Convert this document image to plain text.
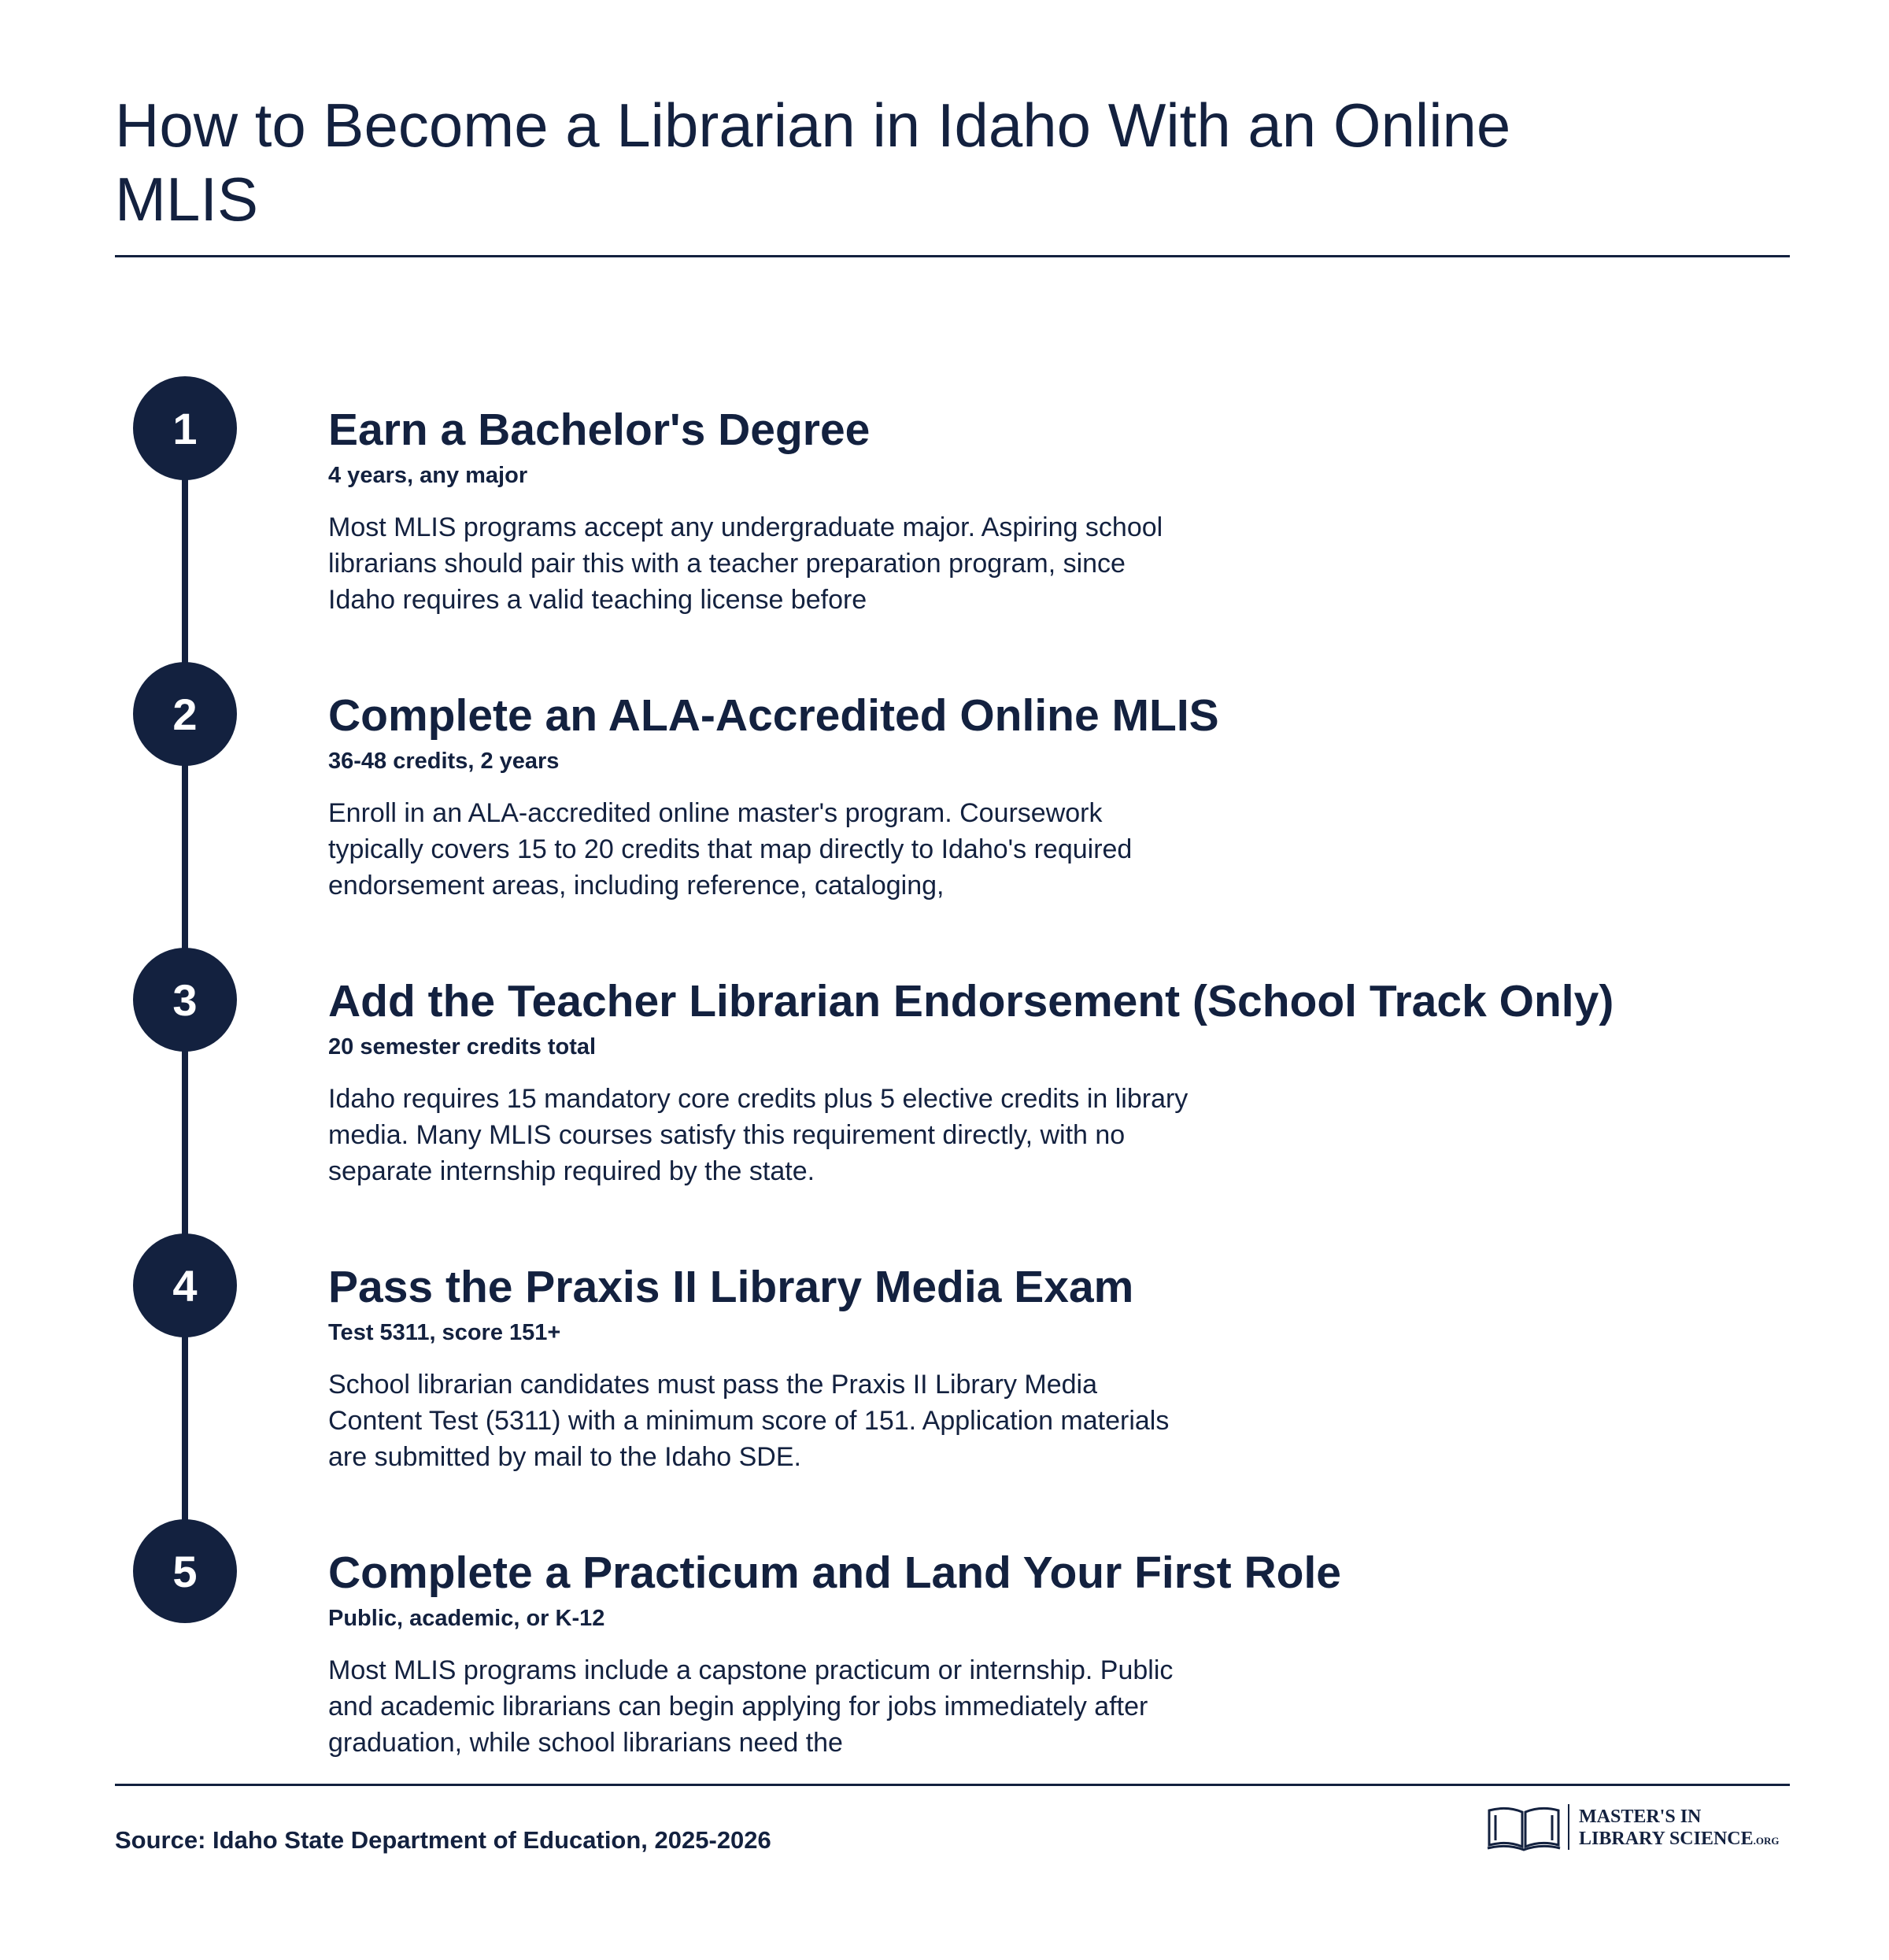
How to Become a Librarian in Idaho With an Online MLIS
1	Earn a Bachelor's Degree
4 years, any major

Most MLIS programs accept any undergraduate major. Aspiring school librarians should pair this with a teacher preparation program, since Idaho requires a valid teaching license before

2	Complete an ALA-Accredited Online MLIS
36-48 credits, 2 years

Enroll in an ALA-accredited online master's program. Coursework typically covers 15 to 20 credits that map directly to Idaho's required endorsement areas, including reference, cataloging,

3	Add the Teacher Librarian Endorsement (School Track Only)
20 semester credits total

Idaho requires 15 mandatory core credits plus 5 elective credits in library media. Many MLIS courses satisfy this requirement directly, with no separate internship required by the state.

4	Pass the Praxis II Library Media Exam
Test 5311, score 151+

School librarian candidates must pass the Praxis II Library Media Content Test (5311) with a minimum score of 151. Application materials are submitted by mail to the Idaho SDE.

5	Complete a Practicum and Land Your First Role
Public, academic, or K-12

Most MLIS programs include a capstone practicum or internship. Public and academic librarians can begin applying for jobs immediately after graduation, while school librarians need the

Source: Idaho State Department of Education, 2025-2026
MASTER'S IN
LIBRARY SCIENCE.ORG
